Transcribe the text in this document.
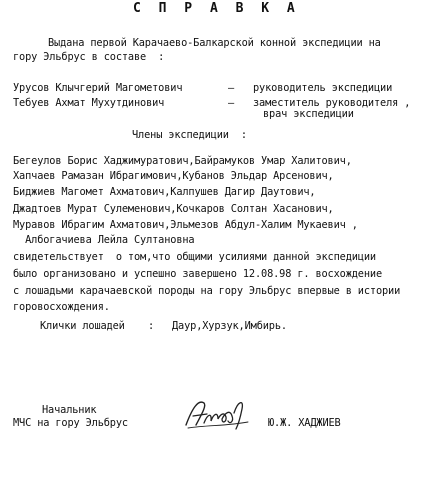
С П Р А В К А
Выдана первой Карачаево-Балкарской конной экспедиции на
гору Эльбрус в составе  :
Урусов Клычгерий Магометович	– руководитель экспедиции
Тебуев Ахмат Мухутдинович	– заместитель руководителя ,
врач экспедиции
Члены экспедиции  :
Бегеулов Борис Хаджимуратович,Байрамуков Умар Халитович,
Хапчаев Рамазан Ибрагимович,Кубанов Эльдар Арсенович,
Биджиев Магомет Ахматович,Калпушев Дагир Даутович,
Джадтоев Мурат Сулеменович,Кочкаров Солтан Хасанович,
Муравов Ибрагим Ахматович,Эльмезов Абдул-Халим Мукаевич ,
Албогачиева Лейла Султановна
свидетельствует  о том,что общими усилиями данной экспедиции
было организовано и успешно завершено 12.08.98 г. восхождение
с лошадьми карачаевской породы на гору Эльбрус впервые в истории
горовосхождения.
Клички лошадей : Даур,Хурзук,Имбирь.
Начальник
МЧС на гору Эльбрус	Ю.Ж. ХАДЖИЕВ
